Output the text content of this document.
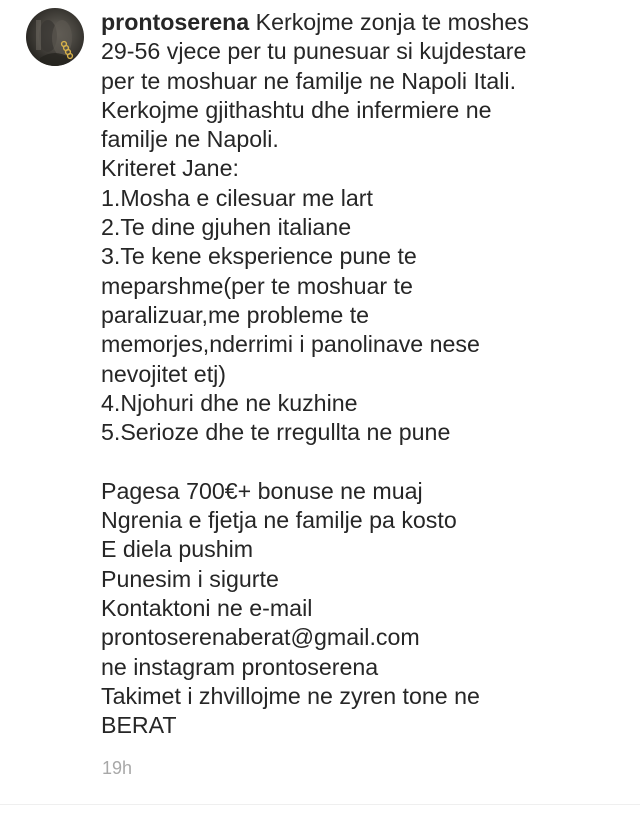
prontoserena Kerkojme zonja te moshes
29-56 vjece per tu punesuar si kujdestare
per te moshuar ne familje ne Napoli Itali.
Kerkojme gjithashtu dhe infermiere ne
familje ne Napoli.
Kriteret Jane:
1.Mosha e cilesuar me lart
2.Te dine gjuhen italiane
3.Te kene eksperience pune te
meparshme(per te moshuar te
paralizuar,me probleme te
memorjes,nderrimi i panolinave nese
nevojitet etj)
4.Njohuri dhe ne kuzhine
5.Serioze dhe te rregullta ne pune
Pagesa 700€+ bonuse ne muaj
Ngrenia e fjetja ne familje pa kosto
E diela pushim
Punesim i sigurte
Kontaktoni ne e-mail
prontoserenaberat@gmail.com
ne instagram prontoserena
Takimet i zhvillojme ne zyren tone ne
BERAT
19h
